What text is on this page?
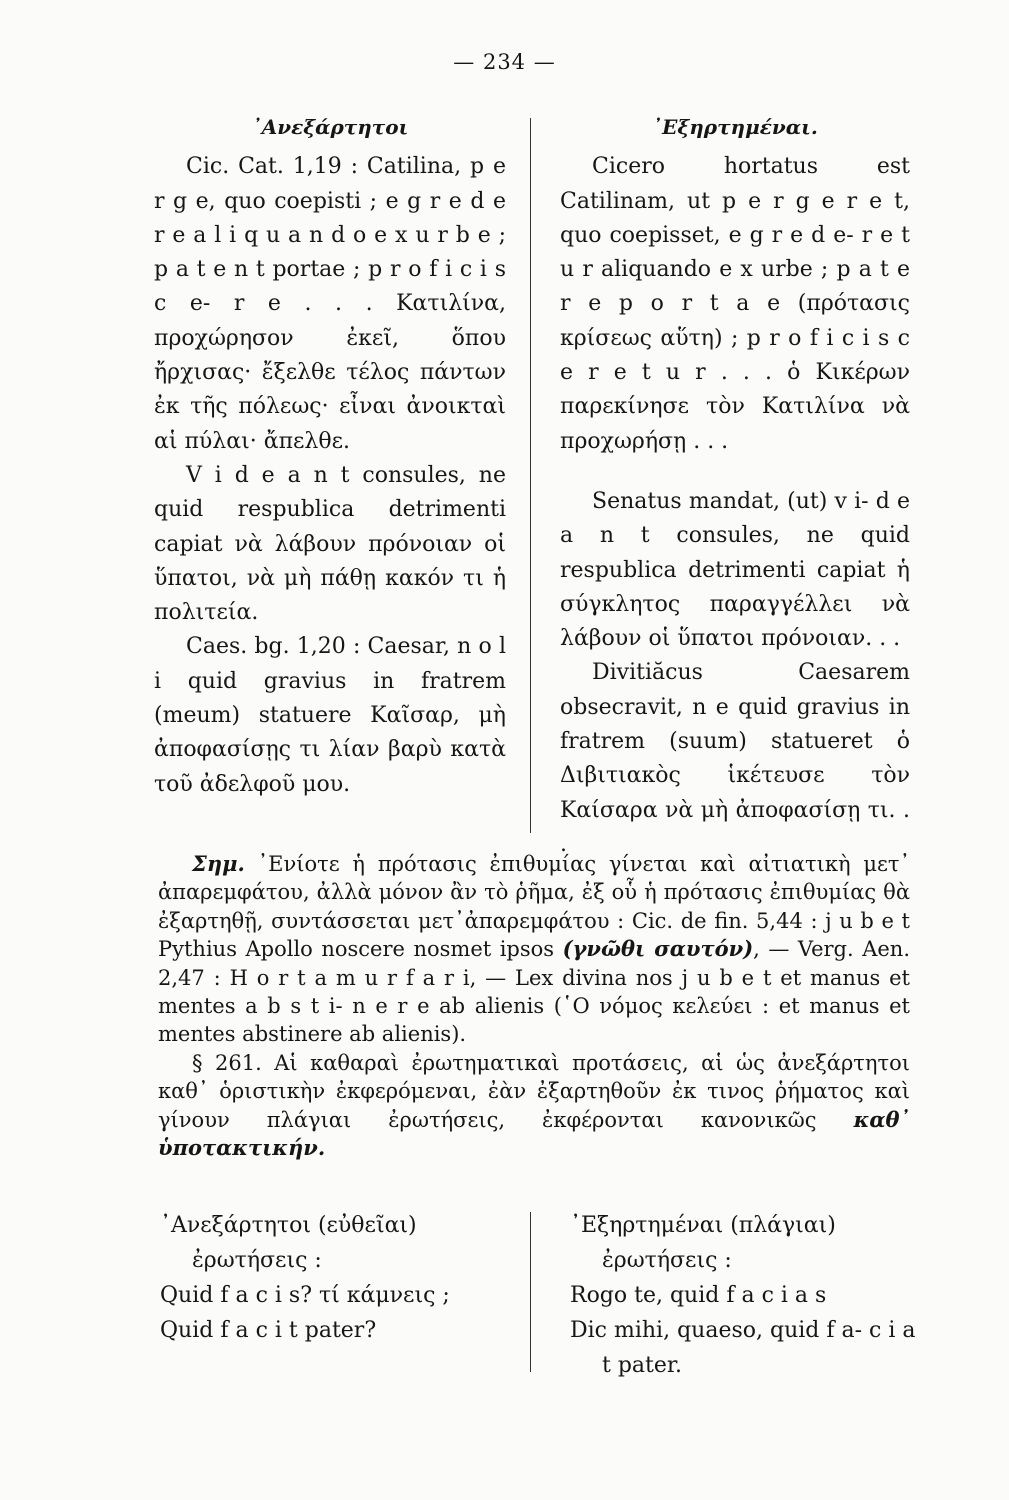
— 234 —

᾿Ανεξάρτητοι

Cic. Cat. 1,19 : Catilina, p e r g e, quo coepisti ; e g r e d e r e a l i q u a n d o e x u r b e ; p a t e n t portae ; p r o f i c i s c e- r e . . . Κατιλίνα, προχώρησον ἐκεῖ, ὅπου ἤρχισας· ἔξελθε τέλος πάντων ἐκ τῆς πόλεως· εἶναι ἀνοικταὶ αἱ πύλαι· ἄπελθε.

V i d e a n t consules, ne quid respublica detrimenti capiat νὰ λάβουν πρόνοιαν οἱ ὕπατοι, νὰ μὴ πάθῃ κακόν τι ἡ πολιτεία.

Caes. bg. 1,20 : Caesar, n o l i quid gravius in fratrem (meum) statuere Καῖσαρ, μὴ ἀποφασίσῃς τι λίαν βαρὺ κατὰ τοῦ ἀδελφοῦ μου.

᾿Εξηρτημέναι.

Cicero hortatus est Catilinam, ut p e r g e r e t, quo coepisset, e g r e d e- r e t u r aliquando e x urbe ; p a t e r e p o r t a e (πρότασις κρίσεως αὕτη) ; p r o f i c i s c e r e t u r . . . ὁ Κικέρων παρεκίνησε τὸν Κατιλίνα νὰ προχωρήσῃ . . .

Senatus mandat, (ut) v i- d e a n t consules, ne quid respublica detrimenti capiat ἡ σύγκλητος παραγγέλλει νὰ λάβουν οἱ ὕπατοι πρόνοιαν. . .

Divitiăcus Caesarem obsecravit, n e quid gravius in fratrem (suum) statueret ὁ Διβιτιακὸς ἱκέτευσε τὸν Καίσαρα νὰ μὴ ἀποφασίσῃ τι. . .

Σημ. ᾿Ενίοτε ἡ πρότασις ἐπιθυμίας γίνεται καὶ αἰτιατικὴ μετ᾿ ἀπαρεμφάτου, ἀλλὰ μόνον ἂν τὸ ῥῆμα, ἐξ οὗ ἡ πρότασις ἐπιθυμίας θὰ ἐξαρτηθῇ, συντάσσεται μετ᾿ἀπαρεμφάτου : Cic. de fin. 5,44 : j u b e t Pythius Apollo noscere nosmet ipsos (γνῶθι σαυτόν), — Verg. Aen. 2,47 : H o r t a m u r f a r i, — Lex divina nos j u b e t et manus et mentes a b s t i- n e r e ab alienis (῾Ο νόμος κελεύει : et manus et mentes abstinere ab alienis).

§ 261. Αἱ καθαραὶ ἐρωτηματικαὶ προτάσεις, αἱ ὡς ἀνεξάρτητοι καθ᾿ ὁριστικὴν ἐκφερόμεναι, ἐὰν ἐξαρτηθοῦν ἐκ τινος ῥήματος καὶ γίνουν πλάγιαι ἐρωτήσεις, ἐκφέρονται κανονικῶς καθ᾿ ὑποτακτικήν.

᾿Ανεξάρτητοι (εὐθεῖαι) ἐρωτήσεις :

Quid f a c i s? τί κάμνεις ;

Quid f a c i t pater?

᾿Εξηρτημέναι (πλάγιαι) ἐρωτήσεις :

Rogo te, quid f a c i a s

Dic mihi, quaeso, quid f a- c i a t pater.
